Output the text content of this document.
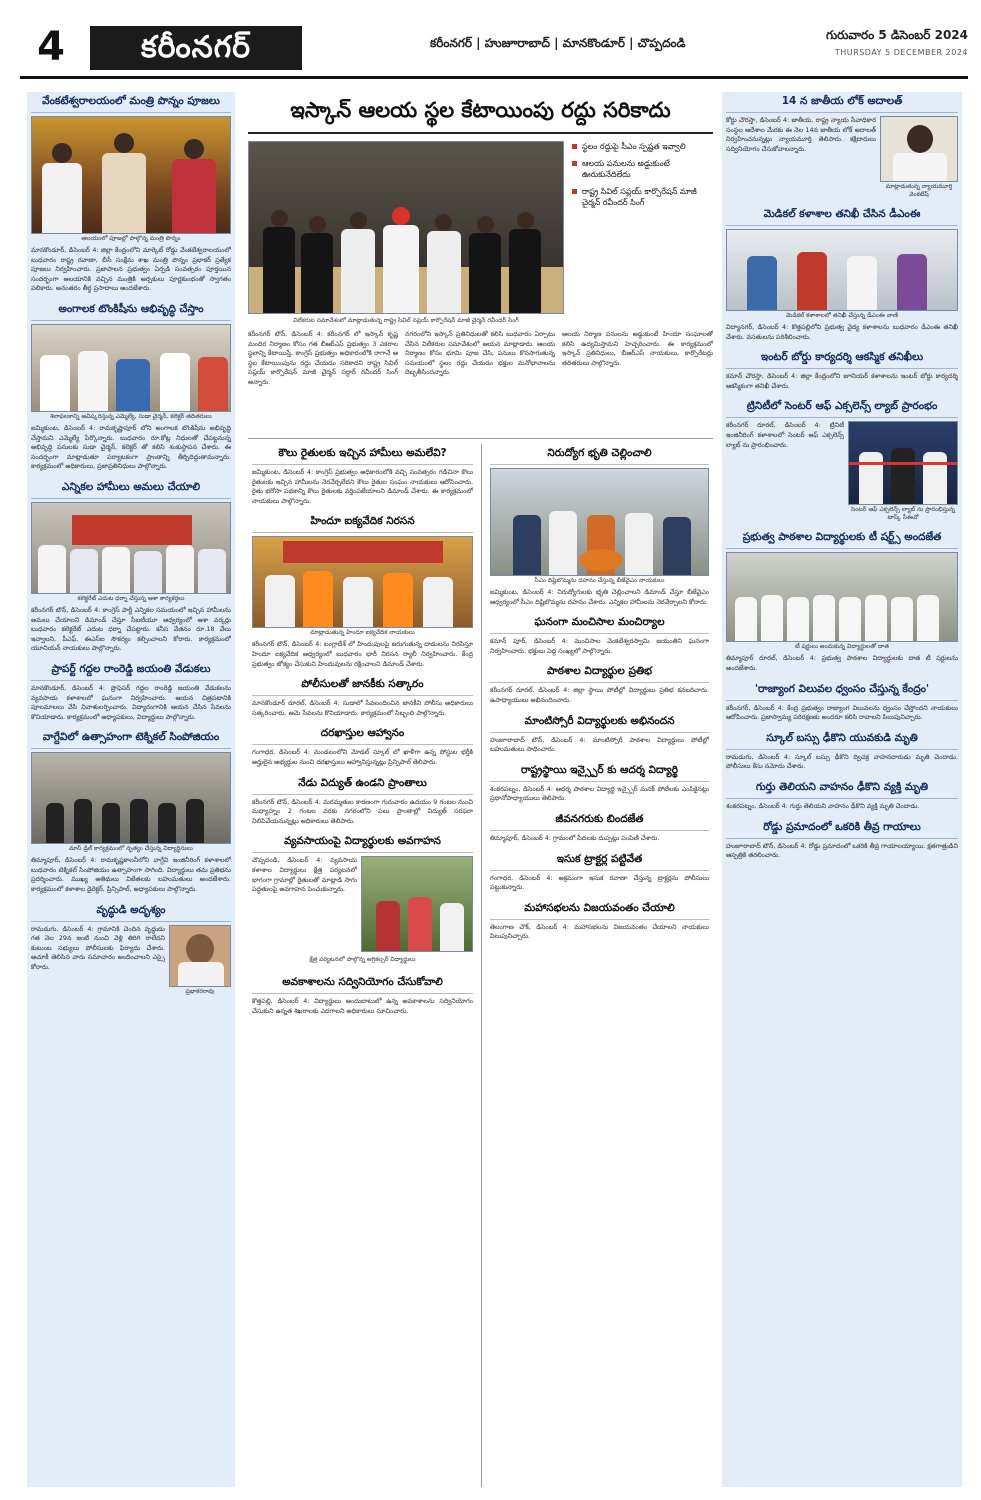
4	కరీంనగర్	కరీంనగర్ | హుజూరాబాద్ | మానకొండూర్ | చొప్పదండి
గురువారం 5 డిసెంబర్ 2024
THURSDAY 5 DECEMBER 2024
వేంకటేశ్వరాలయంలో మంత్రి పొన్నం పూజలు
ఆలయంలో పూజల్లో పాల్గొన్న మంత్రి పొన్నం
మానకొండూర్, డిసెంబర్ 4: జిల్లా కేంద్రంలోని మార్కెట్ రోడ్డు వేంకటేశ్వరాలయంలో బుధవారం రాష్ట్ర రవాణా, బీసీ సంక్షేమ శాఖ మంత్రి పొన్నం ప్రభాకర్ ప్రత్యేక పూజలు నిర్వహించారు. ప్రజాపాలన ప్రభుత్వం ఏర్పడి సంవత్సరం పూర్తయిన సందర్భంగా ఆలయానికి వచ్చిన మంత్రికి అర్చకులు పూర్ణకుంభంతో స్వాగతం పలికారు. అనంతరం తీర్థ ప్రసాదాలు అందజేశారు.
అంగాలక టొంకిషీను ఆభివృద్ధి చేస్తాం
శిలాఫలకాన్ని ఆవిష్కరిస్తున్న ఎమ్మెల్యే, సుడా చైర్మన్, కలెక్టర్ తదితరులు
జమ్మికుంట, డిసెంబర్ 4: రామకృష్ణాపూర్ లోని అంగాలక టొంకిషీను అభివృద్ధి చేస్తామని ఎమ్మెల్యే పేర్కొన్నారు. బుధవారం రూ.కోట్ల నిధులతో చేపట్టనున్న అభివృద్ధి పనులకు సుడా చైర్మన్, కలెక్టర్ తో కలిసి శంకుస్థాపన చేశారు. ఈ సందర్భంగా మాట్లాడుతూ పర్యాటకంగా ప్రాంతాన్ని తీర్చిదిద్దుతామన్నారు. కార్యక్రమంలో అధికారులు, ప్రజాప్రతినిధులు పాల్గొన్నారు.
ఎన్నికల హామీలు అమలు చేయాలి
కలెక్టరేట్ ఎదుట ధర్నా చేస్తున్న ఆశా కార్యకర్తలు
కరీంనగర్ టౌన్, డిసెంబర్ 4: కాంగ్రెస్ పార్టీ ఎన్నికల సమయంలో ఇచ్చిన హామీలను అమలు చేయాలని డిమాండ్ చేస్తూ సీఐటీయూ ఆధ్వర్యంలో ఆశా వర్కర్లు బుధవారం కలెక్టరేట్ ఎదుట ధర్నా చేపట్టారు. కనీస వేతనం రూ.18 వేలు ఇవ్వాలని, పీఎఫ్, ఈఎస్ఐ సౌకర్యం కల్పించాలని కోరారు. కార్యక్రమంలో యూనియన్ నాయకులు పాల్గొన్నారు.
ప్రాపర్ట్ గద్దల రాంరెడ్డి జయంతి వేడుకలు
మానకొండూర్, డిసెంబర్ 4: ప్రొఫెసర్ గద్దల రాంరెడ్డి జయంతి వేడుకలను వ్యవసాయ కళాశాలలో ఘనంగా నిర్వహించారు. ఆయన చిత్రపటానికి పూలమాలలు వేసి నివాళులర్పించారు. విద్యారంగానికి ఆయన చేసిన సేవలను కొనియాడారు. కార్యక్రమంలో అధ్యాపకులు, విద్యార్థులు పాల్గొన్నారు.
వాగ్దేవిలో ఉత్సాహంగా టెక్నికల్ సింపోజియం
మాస్ డ్రిల్ కార్యక్రమంలో నృత్యం చేస్తున్న విద్యార్థినులు
తిమ్మాపూర్, డిసెంబర్ 4: రామకృష్ణకాలనీలోని వాగ్దేవి ఇంజినీరింగ్ కళాశాలలో బుధవారం టెక్నికల్ సింపోజియం ఉత్సాహంగా సాగింది. విద్యార్థులు తమ ప్రతిభను ప్రదర్శించారు. ముఖ్య అతిథులు విజేతలకు బహుమతులు అందజేశారు. కార్యక్రమంలో కళాశాల డైరెక్టర్, ప్రిన్సిపాల్, అధ్యాపకులు పాల్గొన్నారు.
వృద్ధుడి అదృశ్యం
ప్రభాకరరావు
రామడుగు, డిసెంబర్ 4: గ్రామానికి చెందిన వృద్ధుడు గత నెల 29న ఇంటి నుంచి వెళ్లి తిరిగి రాలేదని కుటుంబ సభ్యులు పోలీసులకు ఫిర్యాదు చేశారు. ఆచూకీ తెలిసిన వారు సమాచారం అందించాలని ఎస్సై కోరారు.
ఇస్కాన్ ఆలయ స్థల కేటాయింపు రద్దు సరికాదు
విలేకరుల సమావేశంలో మాట్లాడుతున్న రాష్ట్ర సివిల్ సప్లయ్ కార్పొరేషన్ మాజీ చైర్మన్ రవీందర్ సింగ్
స్థలం రద్దుపై సీఎం స్పష్టత ఇవ్వాలి
ఆలయ పనులను అడ్డుకుంటే ఊరుకునేదిలేదు
రాష్ట్ర సివిల్ సప్లయ్ కార్పొరేషన్ మాజీ చైర్మన్ రవీందర్ సింగ్
కరీంనగర్ టౌన్, డిసెంబర్ 4: కరీంనగర్ లో ఇస్కాన్ కృష్ణ మందిర నిర్మాణం కోసం గత బీఆర్ఎస్ ప్రభుత్వం 3 ఎకరాల స్థలాన్ని కేటాయిస్తే, కాంగ్రెస్ ప్రభుత్వం అధికారంలోకి రాగానే ఆ స్థల కేటాయింపును రద్దు చేయడం సరికాదని రాష్ట్ర సివిల్ సప్లయ్ కార్పొరేషన్ మాజీ చైర్మన్ సర్దార్ రవీందర్ సింగ్ అన్నారు.
నగరంలోని ఇస్కాన్ ప్రతినిధులతో కలిసి బుధవారం ఏర్పాటు చేసిన విలేకరుల సమావేశంలో ఆయన మాట్లాడారు. ఆలయ నిర్మాణం కోసం భూమి పూజ చేసి, పనులు కొనసాగుతున్న సమయంలో స్థలం రద్దు చేయడం భక్తుల మనోభావాలను దెబ్బతీసిందన్నారు.
ఆలయ నిర్మాణ పనులను అడ్డుకుంటే హిందూ సంఘాలతో కలిసి ఉద్యమిస్తామని హెచ్చరించారు. ఈ కార్యక్రమంలో ఇస్కాన్ ప్రతినిధులు, బీఆర్ఎస్ నాయకులు, కార్పొరేటర్లు తదితరులు పాల్గొన్నారు.
కౌలు రైతులకు ఇచ్చిన హామీలు అమలేవి?
జమ్మికుంట, డిసెంబర్ 4: కాంగ్రెస్ ప్రభుత్వం అధికారంలోకి వచ్చి సంవత్సరం గడిచినా కౌలు రైతులకు ఇచ్చిన హామీలను నెరవేర్చలేదని కౌలు రైతుల సంఘం నాయకులు ఆరోపించారు. రైతు భరోసా పథకాన్ని కౌలు రైతులకు వర్తింపజేయాలని డిమాండ్ చేశారు. ఈ కార్యక్రమంలో నాయకులు పాల్గొన్నారు.
హిందూ ఐక్యవేదిక నిరసన
మాట్లాడుతున్న హిందూ ఐక్యవేదిక నాయకులు
కరీంనగర్ టౌన్, డిసెంబర్ 4: బంగ్లాదేశ్ లో హిందువులపై జరుగుతున్న దాడులను నిరసిస్తూ హిందూ ఐక్యవేదిక ఆధ్వర్యంలో బుధవారం భారీ నిరసన ర్యాలీ నిర్వహించారు. కేంద్ర ప్రభుత్వం జోక్యం చేసుకుని హిందువులను రక్షించాలని డిమాండ్ చేశారు.
పోలీసులతో జానకీకు సత్కారం
మానకొండూర్ రూరల్, డిసెంబర్ 4: సుడాలో సేవలందించిన జానకీని పోలీసు అధికారులు సత్కరించారు. ఆమె సేవలను కొనియాడారు. కార్యక్రమంలో సిబ్బంది పాల్గొన్నారు.
దరఖాస్తుల ఆహ్వానం
గంగాధర, డిసెంబర్ 4: మండలంలోని మోడల్ స్కూల్ లో ఖాళీగా ఉన్న పోస్టుల భర్తీకి అర్హులైన అభ్యర్థుల నుంచి దరఖాస్తులు ఆహ్వానిస్తున్నట్లు ప్రిన్సిపాల్ తెలిపారు.
నేడు విద్యుత్ ఉండని ప్రాంతాలు
కరీంనగర్ టౌన్, డిసెంబర్ 4: మరమ్మతుల కారణంగా గురువారం ఉదయం 9 గంటల నుంచి మధ్యాహ్నం 2 గంటల వరకు నగరంలోని పలు ప్రాంతాల్లో విద్యుత్ సరఫరా నిలిపివేయనున్నట్లు అధికారులు తెలిపారు.
వ్యవసాయంపై విద్యార్థులకు అవగాహన
చొప్పదండి, డిసెంబర్ 4: వ్యవసాయ కళాశాల విద్యార్థులు క్షేత్ర పర్యటనలో భాగంగా గ్రామాల్లో రైతులతో మాట్లాడి సాగు పద్ధతులపై అవగాహన పెంచుకున్నారు.
క్షేత్ర పర్యటనలో పాల్గొన్న అగ్రికల్చర్ విద్యార్థులు
అవకాశాలను సద్వినియోగం చేసుకోవాలి
కొత్తపల్లి, డిసెంబర్ 4: విద్యార్థులు అందుబాటులో ఉన్న అవకాశాలను సద్వినియోగం చేసుకుని ఉన్నత శిఖరాలకు ఎదగాలని అధికారులు సూచించారు.
నిరుద్యోగ భృతి చెల్లించాలి
సీఎం దిష్టిబొమ్మను దహనం చేస్తున్న బీజేవైఎం నాయకులు
జమ్మికుంట, డిసెంబర్ 4: నిరుద్యోగులకు భృతి చెల్లించాలని డిమాండ్ చేస్తూ బీజేవైఎం ఆధ్వర్యంలో సీఎం దిష్టిబొమ్మను దహనం చేశారు. ఎన్నికల హామీలను నెరవేర్చాలని కోరారు.
ఘనంగా మంచిసాల మంచిర్యాల
కమాన్ పూర్, డిసెంబర్ 4: మంచిసాల వెంకటేశ్వరస్వామి జయంతిని ఘనంగా నిర్వహించారు. భక్తులు పెద్ద సంఖ్యలో పాల్గొన్నారు.
పాఠశాల విద్యార్థుల ప్రతిభ
కరీంనగర్ రూరల్, డిసెంబర్ 4: జిల్లా స్థాయి పోటీల్లో విద్యార్థులు ప్రతిభ కనబరిచారు. ఉపాధ్యాయులు అభినందించారు.
మాంటిస్సోరీ విద్యార్థులకు అభినందన
హుజూరాబాద్ టౌన్, డిసెంబర్ 4: మాంటిస్సోరీ పాఠశాల విద్యార్థులు పోటీల్లో బహుమతులు సాధించారు.
రాష్ట్రస్థాయి ఇన్స్పైర్ కు ఆదర్శ విద్యార్థి
శంకరపట్నం, డిసెంబర్ 4: ఆదర్శ పాఠశాల విద్యార్థి ఇన్స్పైర్ మనక్ పోటీలకు ఎంపికైనట్లు ప్రధానోపాధ్యాయులు తెలిపారు.
జీవనగరుకు బిందజేత
తిమ్మాపూర్, డిసెంబర్ 4: గ్రామంలో పేదలకు దుప్పట్లు పంపిణీ చేశారు.
ఇసుక ట్రాక్టర్ల పట్టివేత
గంగాధర, డిసెంబర్ 4: అక్రమంగా ఇసుక రవాణా చేస్తున్న ట్రాక్టర్లను పోలీసులు పట్టుకున్నారు.
మహాసభలను విజయవంతం చేయాలి
తెలంగాణ చౌక్, డిసెంబర్ 4: మహాసభలను విజయవంతం చేయాలని నాయకులు పిలుపునిచ్చారు.
14 న జాతీయ లోక్ అదాలత్
మాట్లాడుతున్న న్యాయమూర్తి వెంకటేష్
కోర్టు చౌరస్తా, డిసెంబర్ 4: జాతీయ, రాష్ట్ర న్యాయ సేవాధికార సంస్థల ఆదేశాల మేరకు ఈ నెల 14న జాతీయ లోక్ అదాలత్ నిర్వహించనున్నట్లు న్యాయమూర్తి తెలిపారు. కక్షిదారులు సద్వినియోగం చేసుకోవాలన్నారు.
మెడికల్ కళాశాల తనిఖీ చేసిన డీఎంఈ
మెడికల్ కళాశాలలో తనిఖీ చేస్తున్న డీఎంఈ వాణి
విద్యానగర్, డిసెంబర్ 4: కొత్తపల్లిలోని ప్రభుత్వ వైద్య కళాశాలను బుధవారం డీఎంఈ తనిఖీ చేశారు. వసతులను పరిశీలించారు.
ఇంటర్ బోర్డు కార్యదర్శి ఆకస్మిక తనిఖీలు
కమాన్ చౌరస్తా, డిసెంబర్ 4: జిల్లా కేంద్రంలోని జూనియర్ కళాశాలను ఇంటర్ బోర్డు కార్యదర్శి ఆకస్మికంగా తనిఖీ చేశారు.
ట్రినిటీలో సెంటర్ ఆఫ్ ఎక్సలెన్స్ ల్యాబ్ ప్రారంభం
సెంటర్ ఆఫ్ ఎక్సలెన్స్ ల్యాబ్ ను ప్రారంభిస్తున్న టాస్క్ సీఈవో
కరీంనగర్ రూరల్, డిసెంబర్ 4: ట్రినిటీ ఇంజినీరింగ్ కళాశాలలో సెంటర్ ఆఫ్ ఎక్సలెన్స్ ల్యాబ్ ను ప్రారంభించారు.
ప్రభుత్వ పాఠశాల విద్యార్థులకు టీ షర్ట్స్ అందజేత
టీ షర్టులు అందుకున్న విద్యార్థులతో దాత
తిమ్మాపూర్ రూరల్, డిసెంబర్ 4: ప్రభుత్వ పాఠశాల విద్యార్థులకు దాత టీ షర్టులను అందజేశారు.
'రాజ్యాంగ విలువల ధ్వంసం చేస్తున్న కేంద్రం'
కరీంనగర్, డిసెంబర్ 4: కేంద్ర ప్రభుత్వం రాజ్యాంగ విలువలను ధ్వంసం చేస్తోందని నాయకులు ఆరోపించారు. ప్రజాస్వామ్య పరిరక్షణకు అందరూ కలిసి రావాలని పిలుపునిచ్చారు.
స్కూల్ బస్సు ఢీకొని యువకుడి మృతి
రామడుగు, డిసెంబర్ 4: స్కూల్ బస్సు ఢీకొని ద్విచక్ర వాహనదారుడు మృతి చెందాడు. పోలీసులు కేసు నమోదు చేశారు.
గుర్తు తెలియని వాహనం ఢీకొని వ్యక్తి మృతి
శంకరపట్నం, డిసెంబర్ 4: గుర్తు తెలియని వాహనం ఢీకొని వ్యక్తి మృతి చెందాడు.
రోడ్డు ప్రమాదంలో ఒకరికి తీవ్ర గాయాలు
హుజూరాబాద్ టౌన్, డిసెంబర్ 4: రోడ్డు ప్రమాదంలో ఒకరికి తీవ్ర గాయాలయ్యాయి. క్షతగాత్రుడిని ఆస్పత్రికి తరలించారు.
